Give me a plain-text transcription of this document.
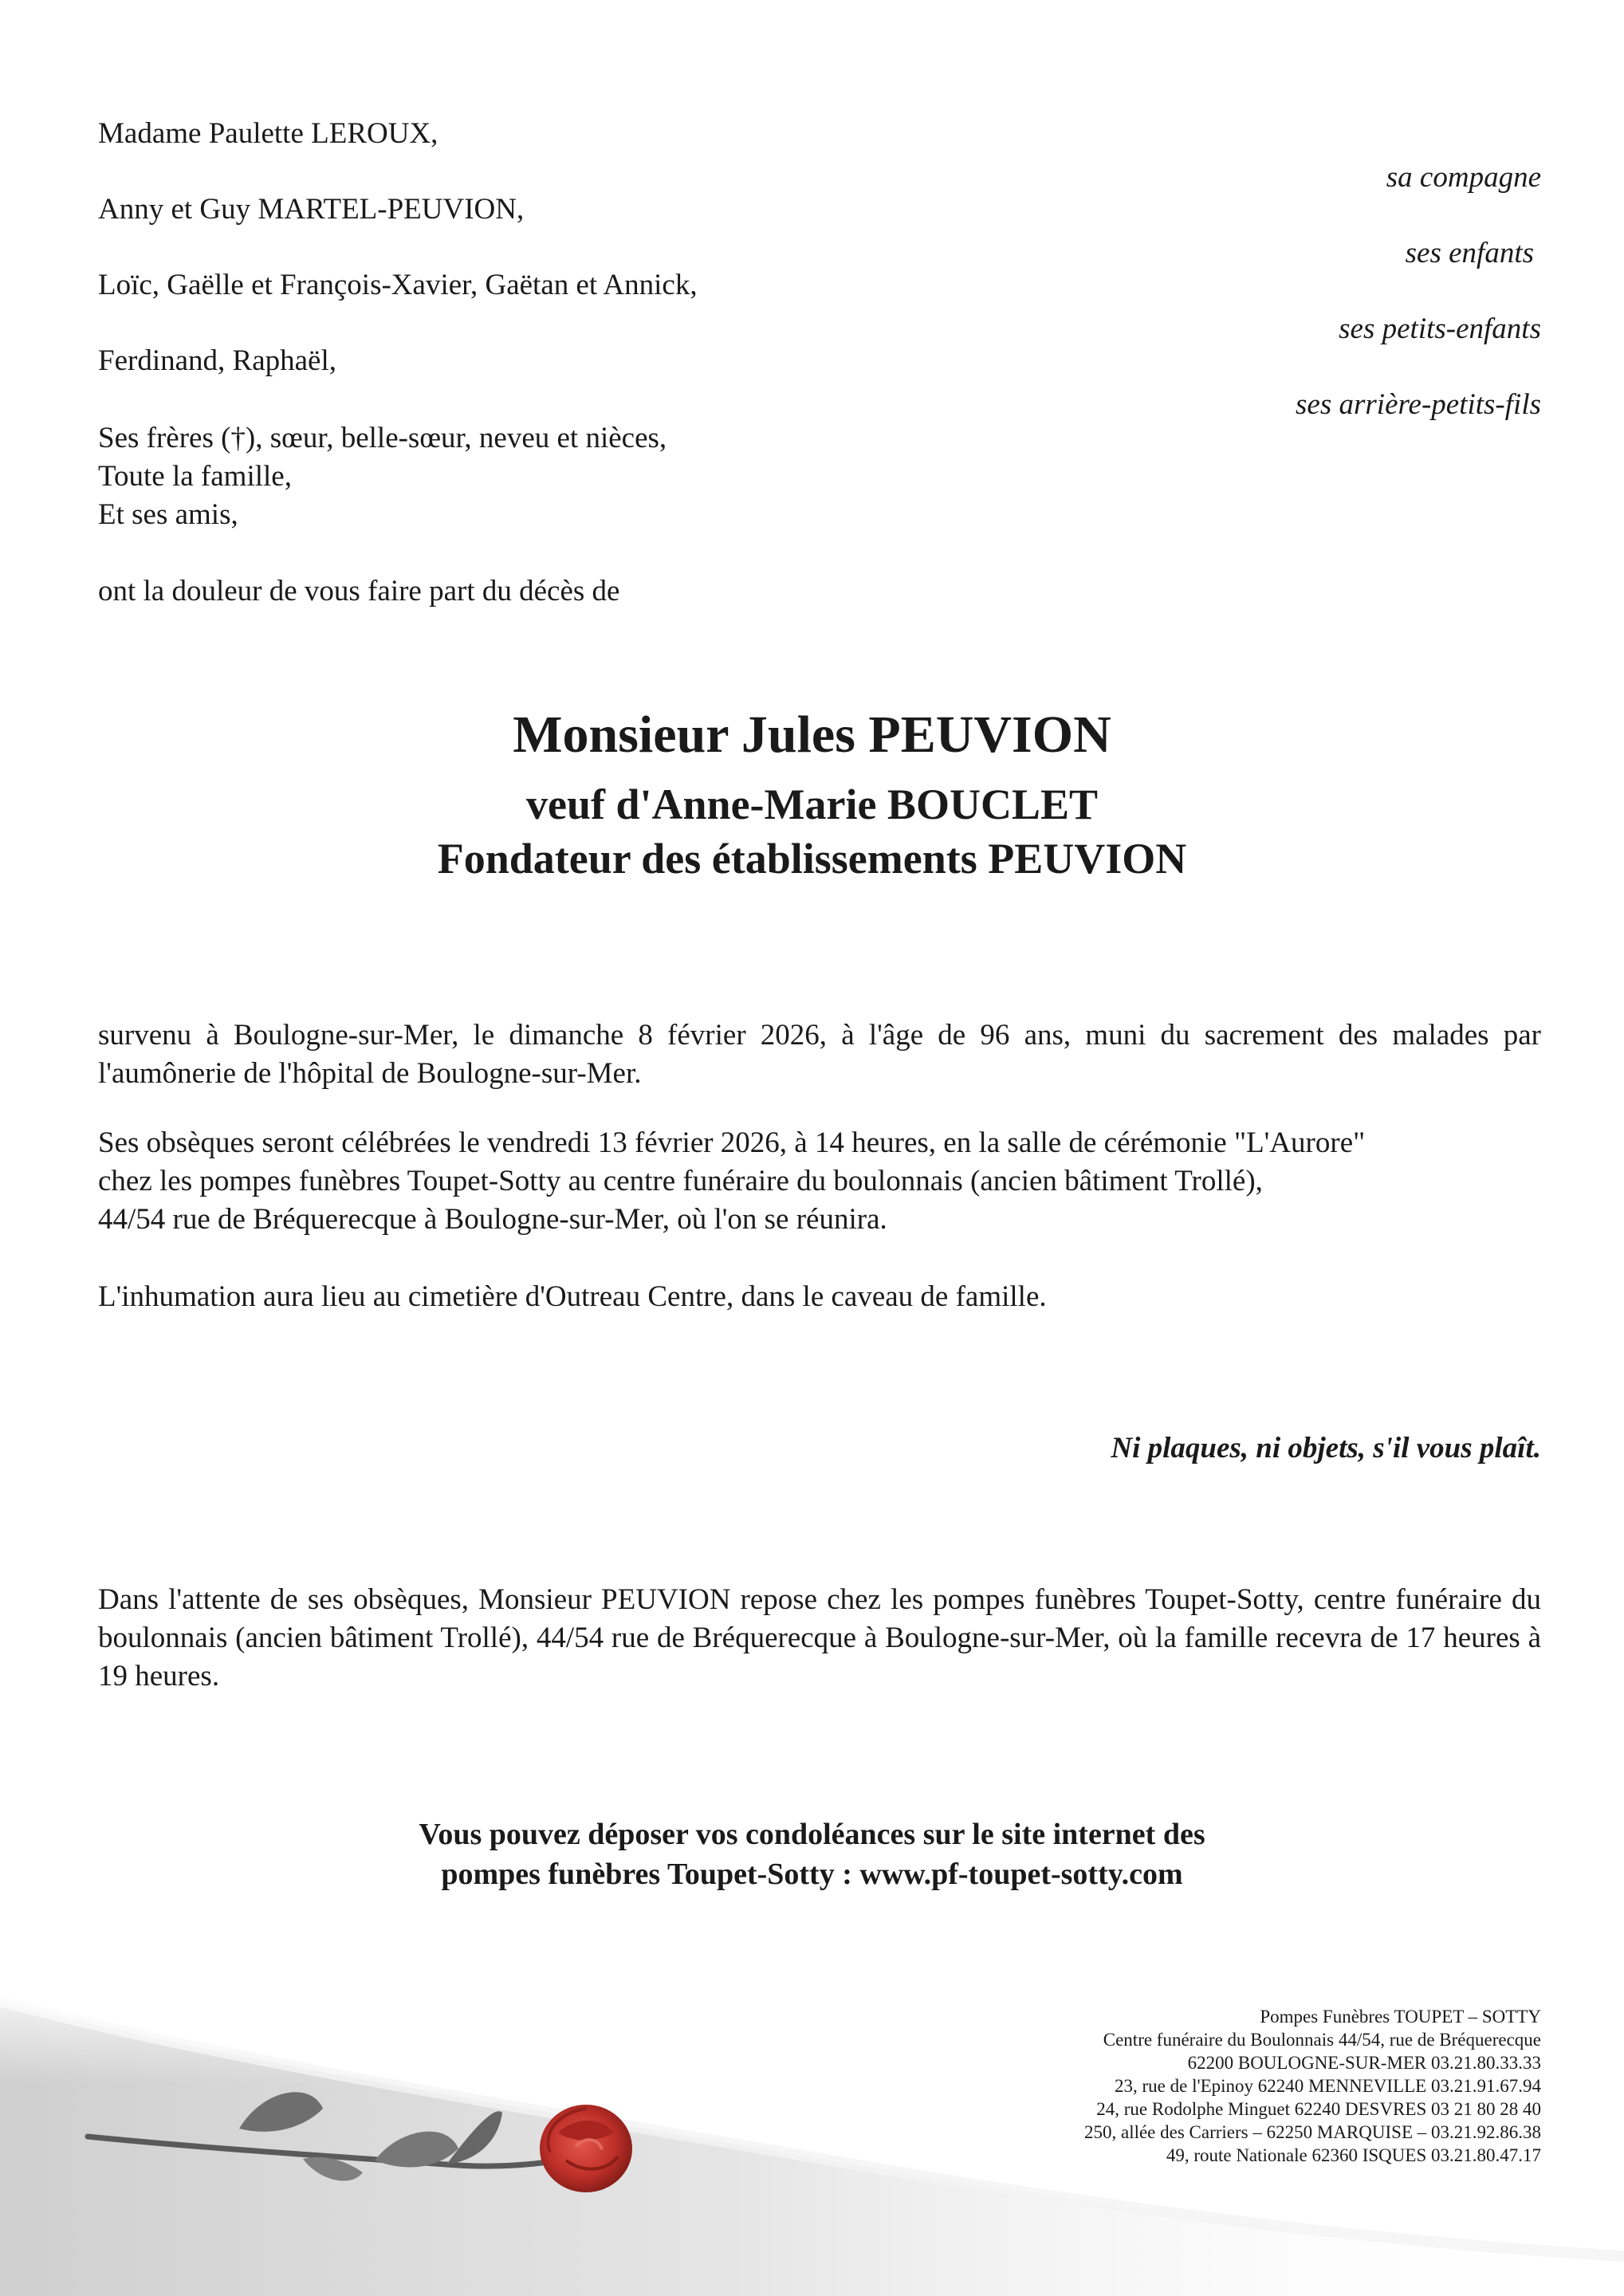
Madame Paulette LEROUX,
Anny et Guy MARTEL-PEUVION,
Loïc, Gaëlle et François-Xavier, Gaëtan et Annick,
Ferdinand, Raphaël,
Ses frères (†), sœur, belle-sœur, neveu et nièces,
Toute la famille,
Et ses amis,
sa compagne
ses enfants
ses petits-enfants
ses arrière-petits-fils
ont la douleur de vous faire part du décès de
Monsieur Jules PEUVION
veuf d'Anne-Marie BOUCLET
Fondateur des établissements PEUVION

survenu à Boulogne-sur-Mer, le dimanche 8 février 2026, à l'âge de 96 ans, muni du sacrement des malades par l'aumônerie de l'hôpital de Boulogne-sur-Mer.

Ses obsèques seront célébrées le vendredi 13 février 2026, à 14 heures, en la salle de cérémonie "L'Aurore"

chez les pompes funèbres Toupet-Sotty au centre funéraire du boulonnais (ancien bâtiment Trollé),

44/54 rue de Bréquerecque à Boulogne-sur-Mer, où l'on se réunira.

L'inhumation aura lieu au cimetière d'Outreau Centre, dans le caveau de famille.
Ni plaques, ni objets, s'il vous plaît.

Dans l'attente de ses obsèques, Monsieur PEUVION repose chez les pompes funèbres Toupet-Sotty, centre funéraire du boulonnais (ancien bâtiment Trollé), 44/54 rue de Bréquerecque à Boulogne-sur-Mer, où la famille recevra de 17 heures à 19 heures.

Vous pouvez déposer vos condoléances sur le site internet des
pompes funèbres Toupet-Sotty : www.pf-toupet-sotty.com
Pompes Funèbres TOUPET – SOTTY
Centre funéraire du Boulonnais 44/54, rue de Bréquerecque
62200 BOULOGNE-SUR-MER 03.21.80.33.33
23, rue de l'Epinoy 62240 MENNEVILLE 03.21.91.67.94
24, rue Rodolphe Minguet 62240 DESVRES 03 21 80 28 40
250, allée des Carriers – 62250 MARQUISE – 03.21.92.86.38
49, route Nationale 62360 ISQUES 03.21.80.47.17
